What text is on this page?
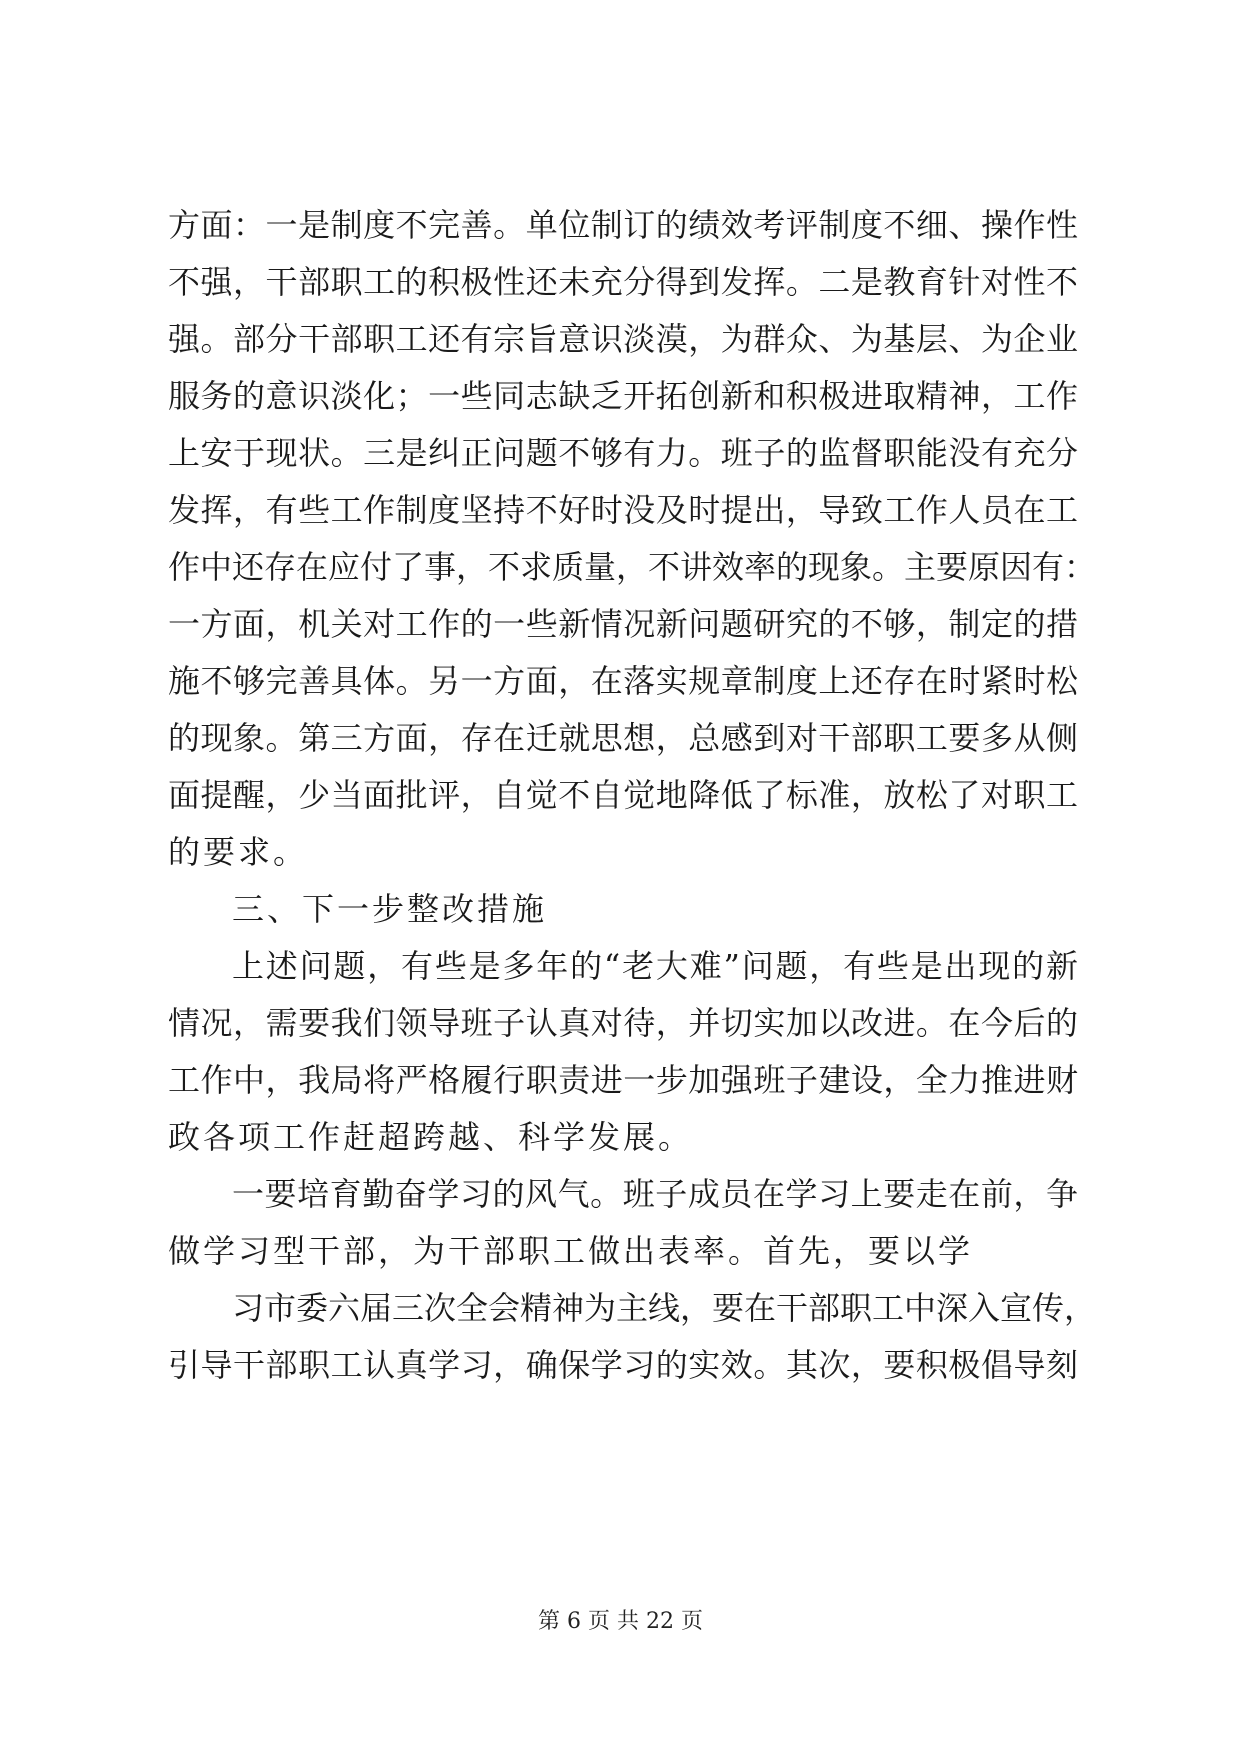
方面：一是制度不完善。单位制订的绩效考评制度不细、操作性
不强，干部职工的积极性还未充分得到发挥。二是教育针对性不
强。部分干部职工还有宗旨意识淡漠，为群众、为基层、为企业
服务的意识淡化；一些同志缺乏开拓创新和积极进取精神，工作
上安于现状。三是纠正问题不够有力。班子的监督职能没有充分
发挥，有些工作制度坚持不好时没及时提出，导致工作人员在工
作中还存在应付了事，不求质量，不讲效率的现象。主要原因有：
一方面，机关对工作的一些新情况新问题研究的不够，制定的措
施不够完善具体。另一方面，在落实规章制度上还存在时紧时松
的现象。第三方面，存在迁就思想，总感到对干部职工要多从侧
面提醒，少当面批评，自觉不自觉地降低了标准，放松了对职工
的要求。
三、下一步整改措施
上述问题，有些是多年的“老大难”问题，有些是出现的新
情况，需要我们领导班子认真对待，并切实加以改进。在今后的
工作中，我局将严格履行职责进一步加强班子建设，全力推进财
政各项工作赶超跨越、科学发展。
一要培育勤奋学习的风气。班子成员在学习上要走在前，争
做学习型干部，为干部职工做出表率。首先，要以学
习市委六届三次全会精神为主线，要在干部职工中深入宣传，
引导干部职工认真学习，确保学习的实效。其次，要积极倡导刻
第 6 页 共 22 页
